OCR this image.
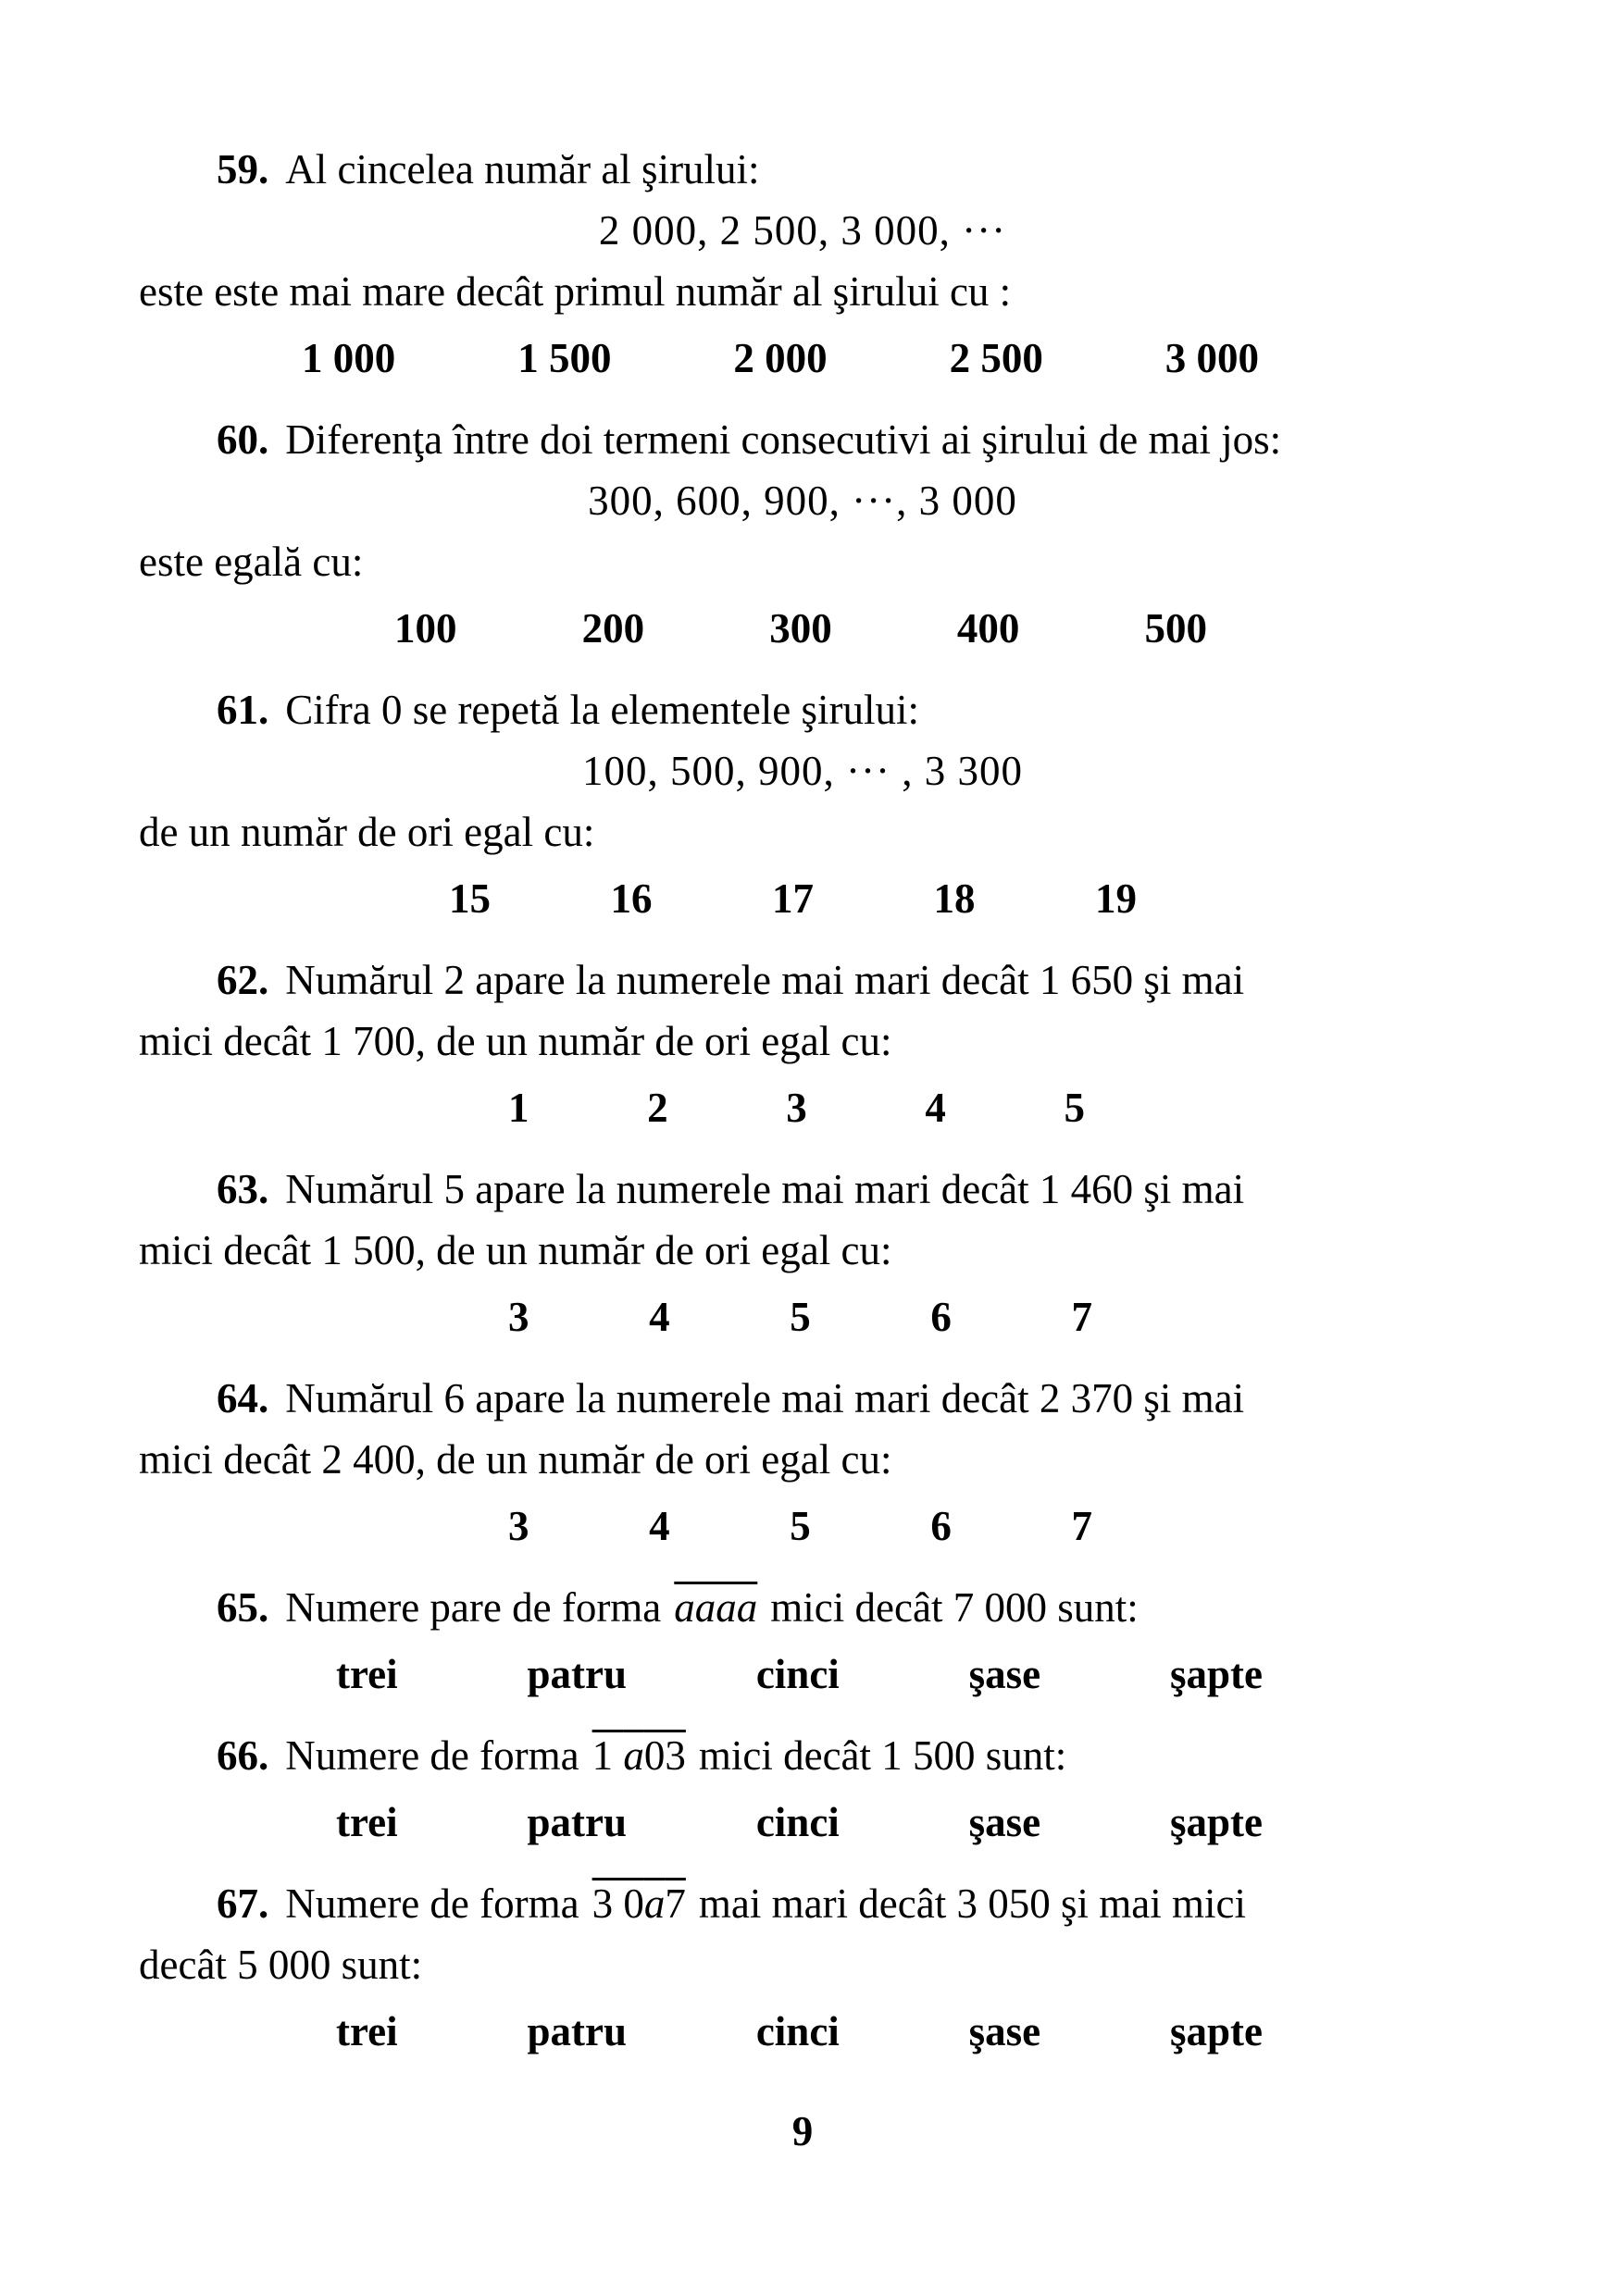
59. Al cincelea număr al şirului:

2 000, 2 500, 3 000, ···

este este mai mare decât primul număr al şirului cu :

1 000	1 500	2 000	2 500	3 000

60. Diferenţa între doi termeni consecutivi ai şirului de mai jos:

300, 600, 900, ···, 3 000

este egală cu:

100	200	300	400	500

61. Cifra 0 se repetă la elementele şirului:

100, 500, 900, ··· , 3 300

de un număr de ori egal cu:

15	16	17	18	19

62. Numărul 2 apare la numerele mai mari decât 1 650 şi mai

mici decât 1 700, de un număr de ori egal cu:

1	2	3	4	5

63. Numărul 5 apare la numerele mai mari decât 1 460 şi mai

mici decât 1 500, de un număr de ori egal cu:

3	4	5	6	7

64. Numărul 6 apare la numerele mai mari decât 2 370 şi mai

mici decât 2 400, de un număr de ori egal cu:

3	4	5	6	7

65. Numere pare de forma aaaa mici decât 7 000 sunt:

trei	patru	cinci	şase	şapte

66. Numere de forma 1 a03 mici decât 1 500 sunt:

trei	patru	cinci	şase	şapte

67. Numere de forma 3 0a7 mai mari decât 3 050 şi mai mici

decât 5 000 sunt:

trei	patru	cinci	şase	şapte

9
